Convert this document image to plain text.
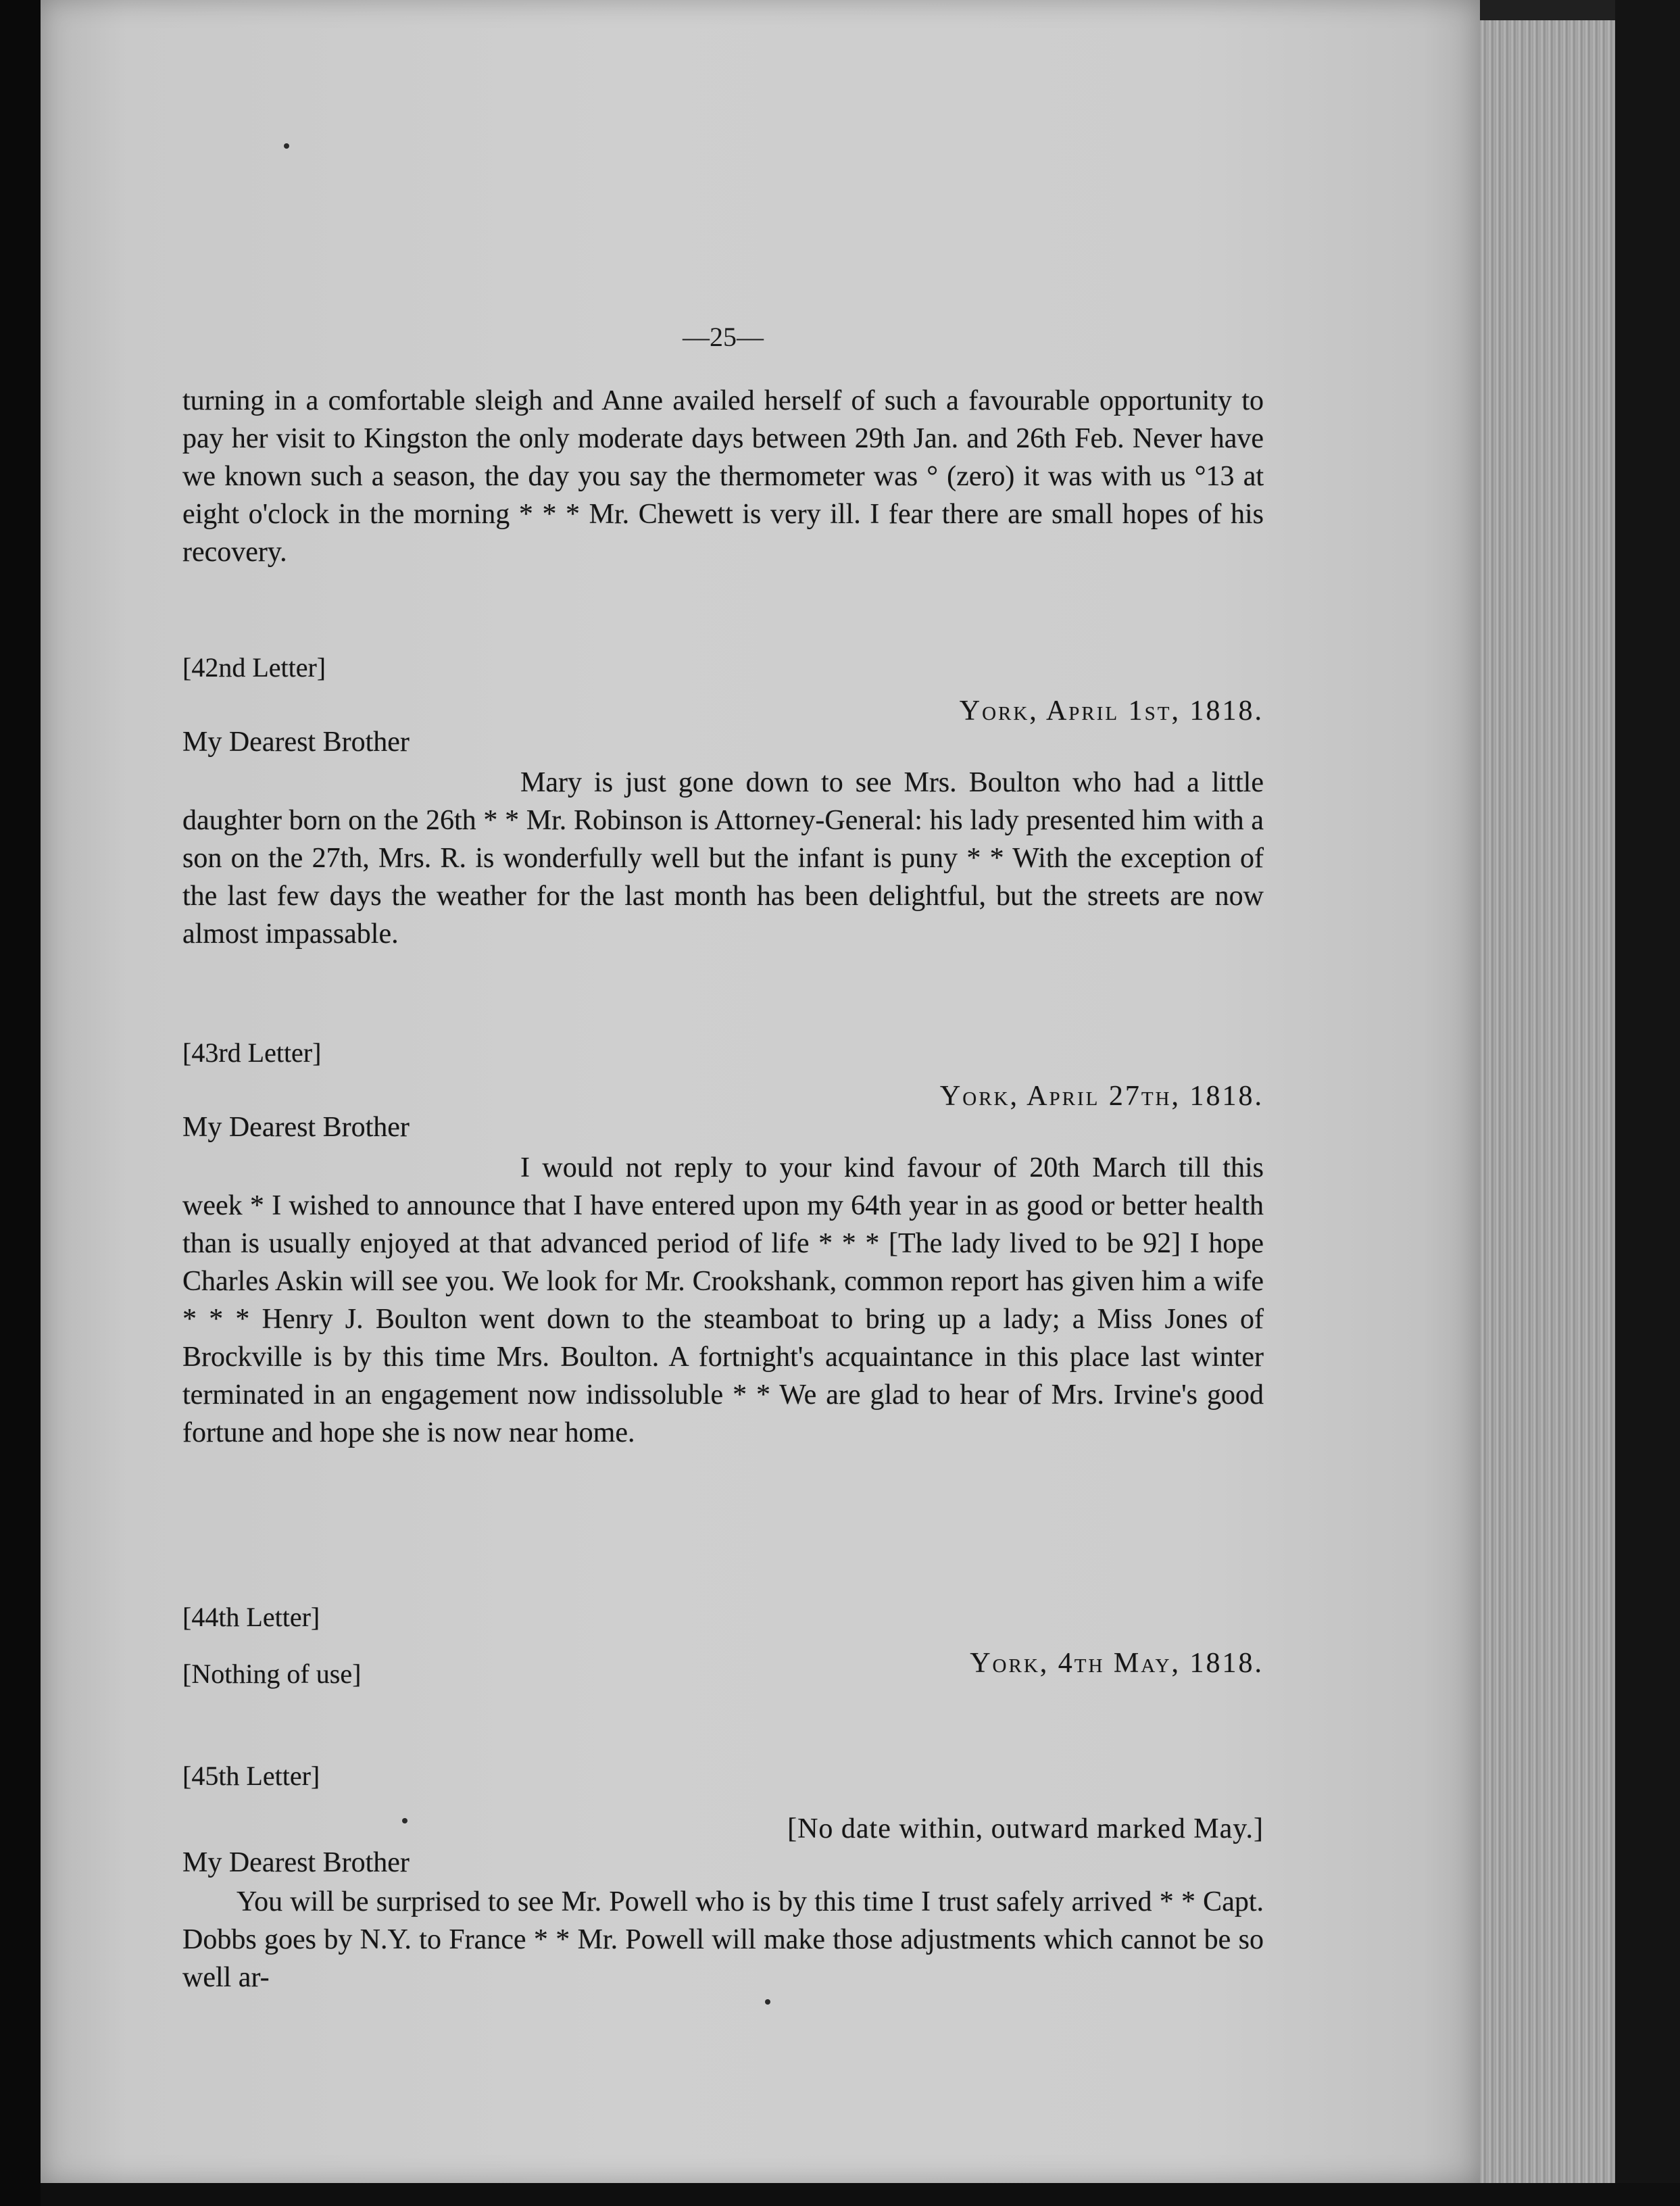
—25—

turning in a comfortable sleigh and Anne availed herself of such a favourable opportunity to pay her visit to Kingston the only moderate days between 29th Jan. and 26th Feb. Never have we known such a season, the day you say the thermometer was ° (zero) it was with us °13 at eight o'clock in the morning * * * Mr. Chewett is very ill. I fear there are small hopes of his recovery.

[42nd Letter]

York, April 1st, 1818.

My Dearest Brother

Mary is just gone down to see Mrs. Boulton who had a little daughter born on the 26th * * Mr. Robinson is Attorney-General: his lady presented him with a son on the 27th, Mrs. R. is wonderfully well but the infant is puny * * With the exception of the last few days the weather for the last month has been delightful, but the streets are now almost impassable.

[43rd Letter]

York, April 27th, 1818.

My Dearest Brother

I would not reply to your kind favour of 20th March till this week * I wished to announce that I have entered upon my 64th year in as good or better health than is usually enjoyed at that advanced period of life * * * [The lady lived to be 92] I hope Charles Askin will see you. We look for Mr. Crookshank, common report has given him a wife * * * Henry J. Boulton went down to the steamboat to bring up a lady; a Miss Jones of Brockville is by this time Mrs. Boulton. A fortnight's acquaintance in this place last winter terminated in an engagement now indissoluble * * We are glad to hear of Mrs. Irvine's good fortune and hope she is now near home.

[44th Letter]

York, 4th May, 1818.

[Nothing of use]

[45th Letter]

[No date within, outward marked May.]

My Dearest Brother

You will be surprised to see Mr. Powell who is by this time I trust safely arrived * * Capt. Dobbs goes by N.Y. to France * * Mr. Powell will make those adjustments which cannot be so well ar-
